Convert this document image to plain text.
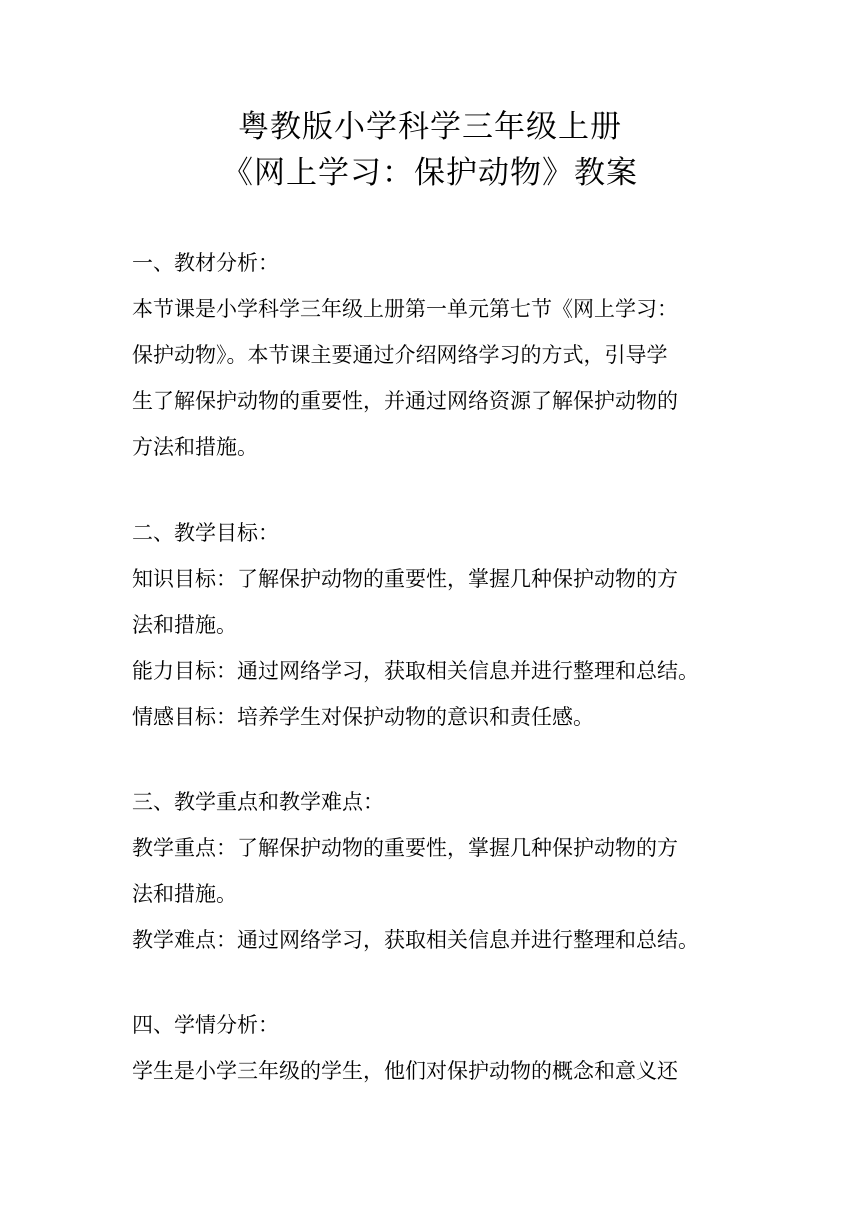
粤教版小学科学三年级上册
《网上学习：保护动物》教案
一、教材分析：
本节课是小学科学三年级上册第一单元第七节《网上学习：
保护动物》。本节课主要通过介绍网络学习的方式，引导学
生了解保护动物的重要性，并通过网络资源了解保护动物的
方法和措施。
二、教学目标：
知识目标：了解保护动物的重要性，掌握几种保护动物的方
法和措施。
能力目标：通过网络学习，获取相关信息并进行整理和总结。
情感目标：培养学生对保护动物的意识和责任感。
三、教学重点和教学难点：
教学重点：了解保护动物的重要性，掌握几种保护动物的方
法和措施。
教学难点：通过网络学习，获取相关信息并进行整理和总结。
四、学情分析：
学生是小学三年级的学生，他们对保护动物的概念和意义还
